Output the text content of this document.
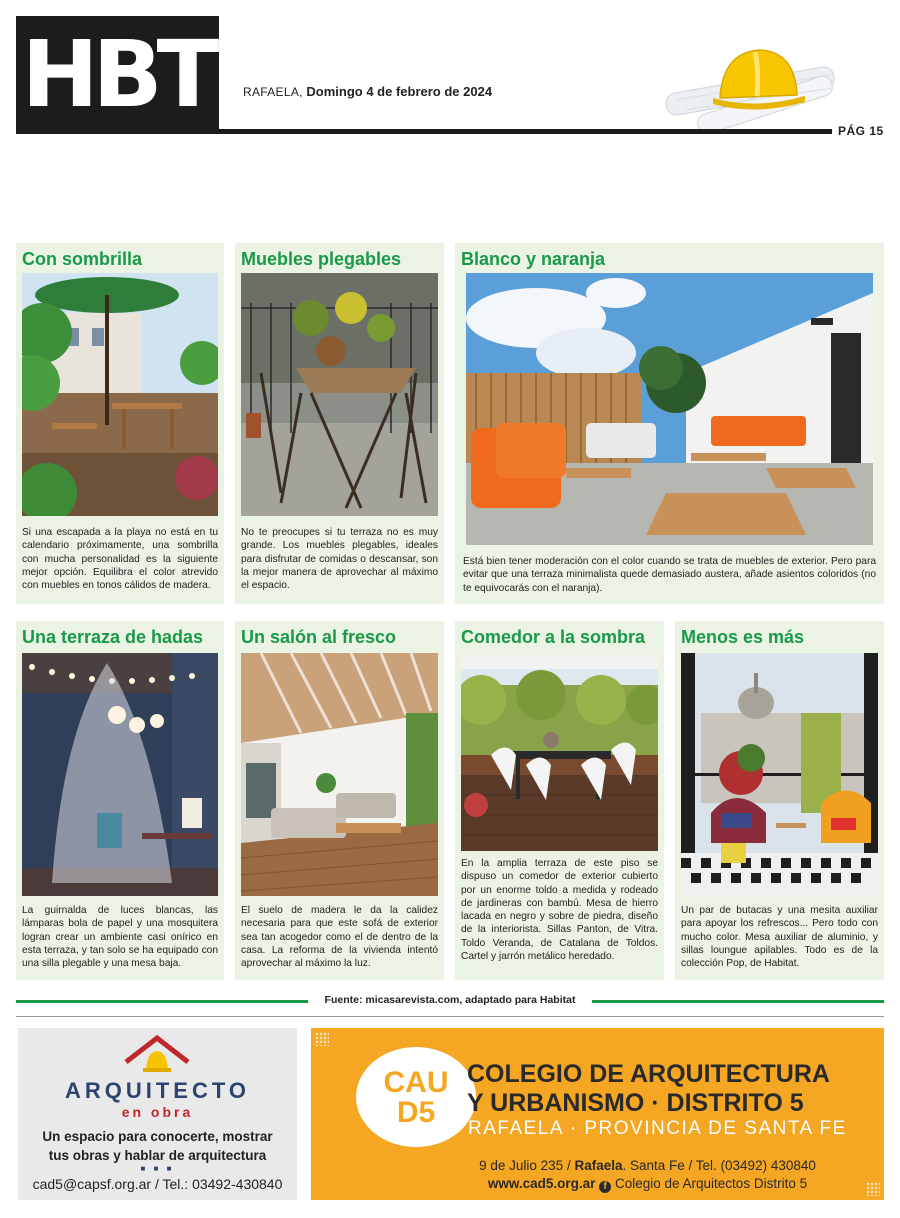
HBT	RAFAELA, Domingo 4 de febrero de 2024
PÁG 15
Con sombrilla
Si una escapada a la playa no está en tu calendario próximamente, una sombrilla con mucha personalidad es la siguiente mejor opción. Equilibra el color atrevido con muebles en tonos cálidos de madera.
Muebles plegables
No te preocupes si tu terraza no es muy grande. Los muebles plegables, ideales para disfrutar de comidas o descansar, son la mejor manera de aprovechar al máximo el espacio.
Blanco y naranja
Está bien tener moderación con el color cuando se trata de muebles de exterior. Pero para evitar que una terraza minimalista quede demasiado austera, añade asientos coloridos (no te equivocarás con el naranja).
Una terraza de hadas
La guirnalda de luces blancas, las lámparas bola de papel y una mosquitera logran crear un ambiente casi onírico en esta terraza, y tan solo se ha equipado con una silla plegable y una mesa baja.
Un salón al fresco
El suelo de madera le da la calidez necesaria para que este sofá de exterior sea tan acogedor como el de dentro de la casa. La reforma de la vivienda intentó aprovechar al máximo la luz.
Comedor a la sombra
En la amplia terraza de este piso se dispuso un comedor de exterior cubierto por un enorme toldo a medida y rodeado de jardineras con bambú. Mesa de hierro lacada en negro y sobre de piedra, diseño de la interiorista. Sillas Panton, de Vitra. Toldo Veranda, de Catalana de Toldos. Cartel y jarrón metálico heredado.
Menos es más
Un par de butacas y una mesita auxiliar para apoyar los refrescos... Pero todo con mucho color. Mesa auxiliar de aluminio, y sillas loungue apilables. Todo es de la colección Pop, de Habitat.
Fuente: micasarevista.com, adaptado para Habitat
ARQUITECTO
en obra
Un espacio para conocerte, mostrar
tus obras y hablar de arquitectura
■ ■ ■
cad5@capsf.org.ar / Tel.: 03492-430840
CAU
D5
COLEGIO DE ARQUITECTURA
Y URBANISMO · DISTRITO 5
RAFAELA · PROVINCIA DE SANTA FE
9 de Julio 235 / Rafaela. Santa Fe / Tel. (03492) 430840
www.cad5.org.ar f Colegio de Arquitectos Distrito 5
